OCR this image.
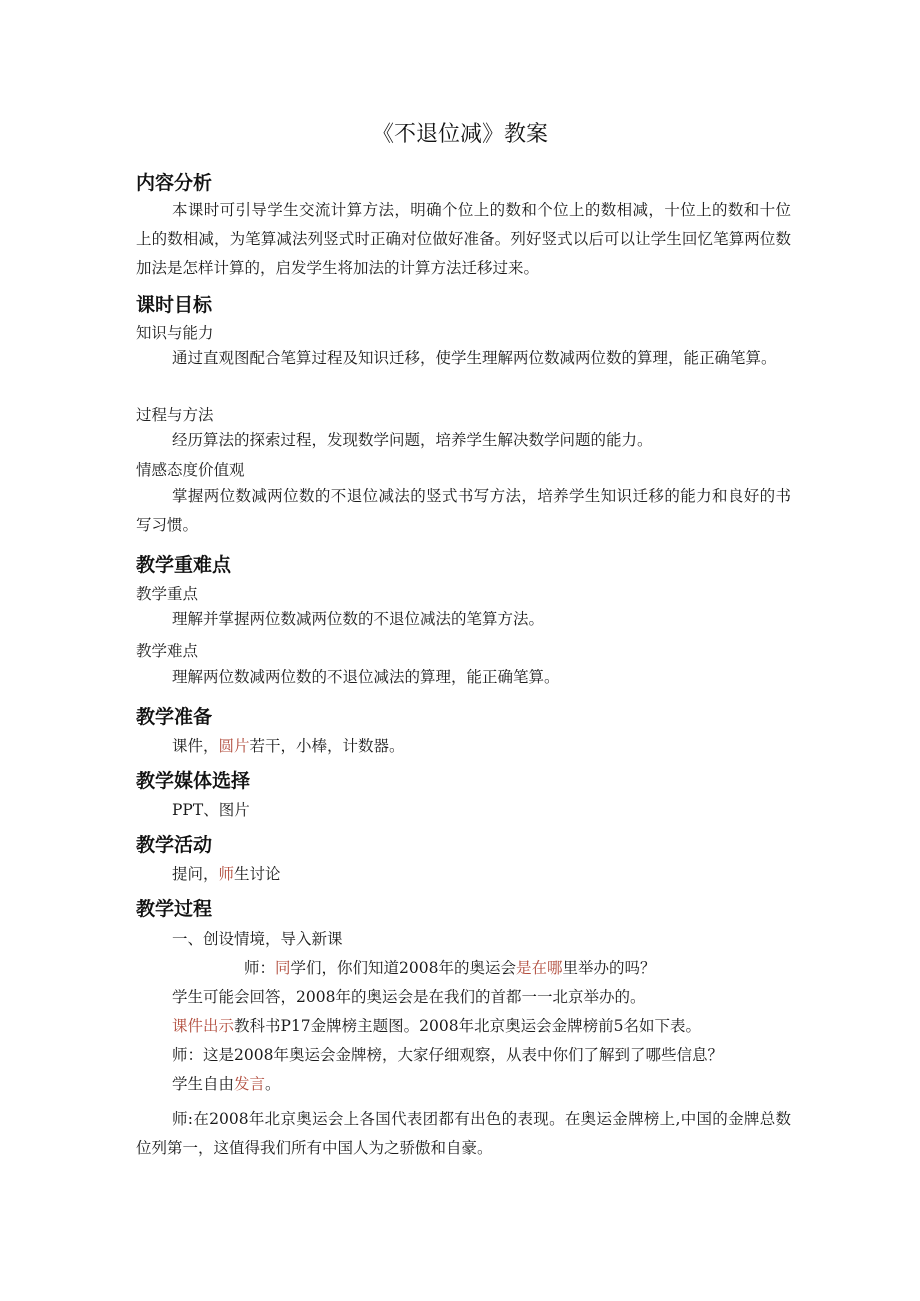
《不退位减》教案
内容分析
本课时可引导学生交流计算方法，明确个位上的数和个位上的数相减，十位上的数和十位上的数相减，为笔算减法列竖式时正确对位做好准备。列好竖式以后可以让学生回忆笔算两位数加法是怎样计算的，启发学生将加法的计算方法迁移过来。
课时目标
知识与能力
通过直观图配合笔算过程及知识迁移，使学生理解两位数减两位数的算理，能正确笔算。
过程与方法
经历算法的探索过程，发现数学问题，培养学生解决数学问题的能力。
情感态度价值观
掌握两位数减两位数的不退位减法的竖式书写方法，培养学生知识迁移的能力和良好的书写习惯。
教学重难点
教学重点
理解并掌握两位数减两位数的不退位减法的笔算方法。
教学难点
理解两位数减两位数的不退位减法的算理，能正确笔算。
教学准备
课件，圆片若干，小棒，计数器。
教学媒体选择
PPT、图片
教学活动
提问，师生讨论
教学过程
一、创设情境，导入新课
师：同学们，你们知道2008年的奥运会是在哪里举办的吗？
学生可能会回答，2008年的奥运会是在我们的首都一一北京举办的。
课件出示教科书P17金牌榜主题图。2008年北京奥运会金牌榜前5名如下表。
师：这是2008年奥运会金牌榜，大家仔细观察，从表中你们了解到了哪些信息？
学生自由发言。
师:在2008年北京奥运会上各国代表团都有出色的表现。在奥运金牌榜上,中国的金牌总数位列第一，这值得我们所有中国人为之骄傲和自豪。
